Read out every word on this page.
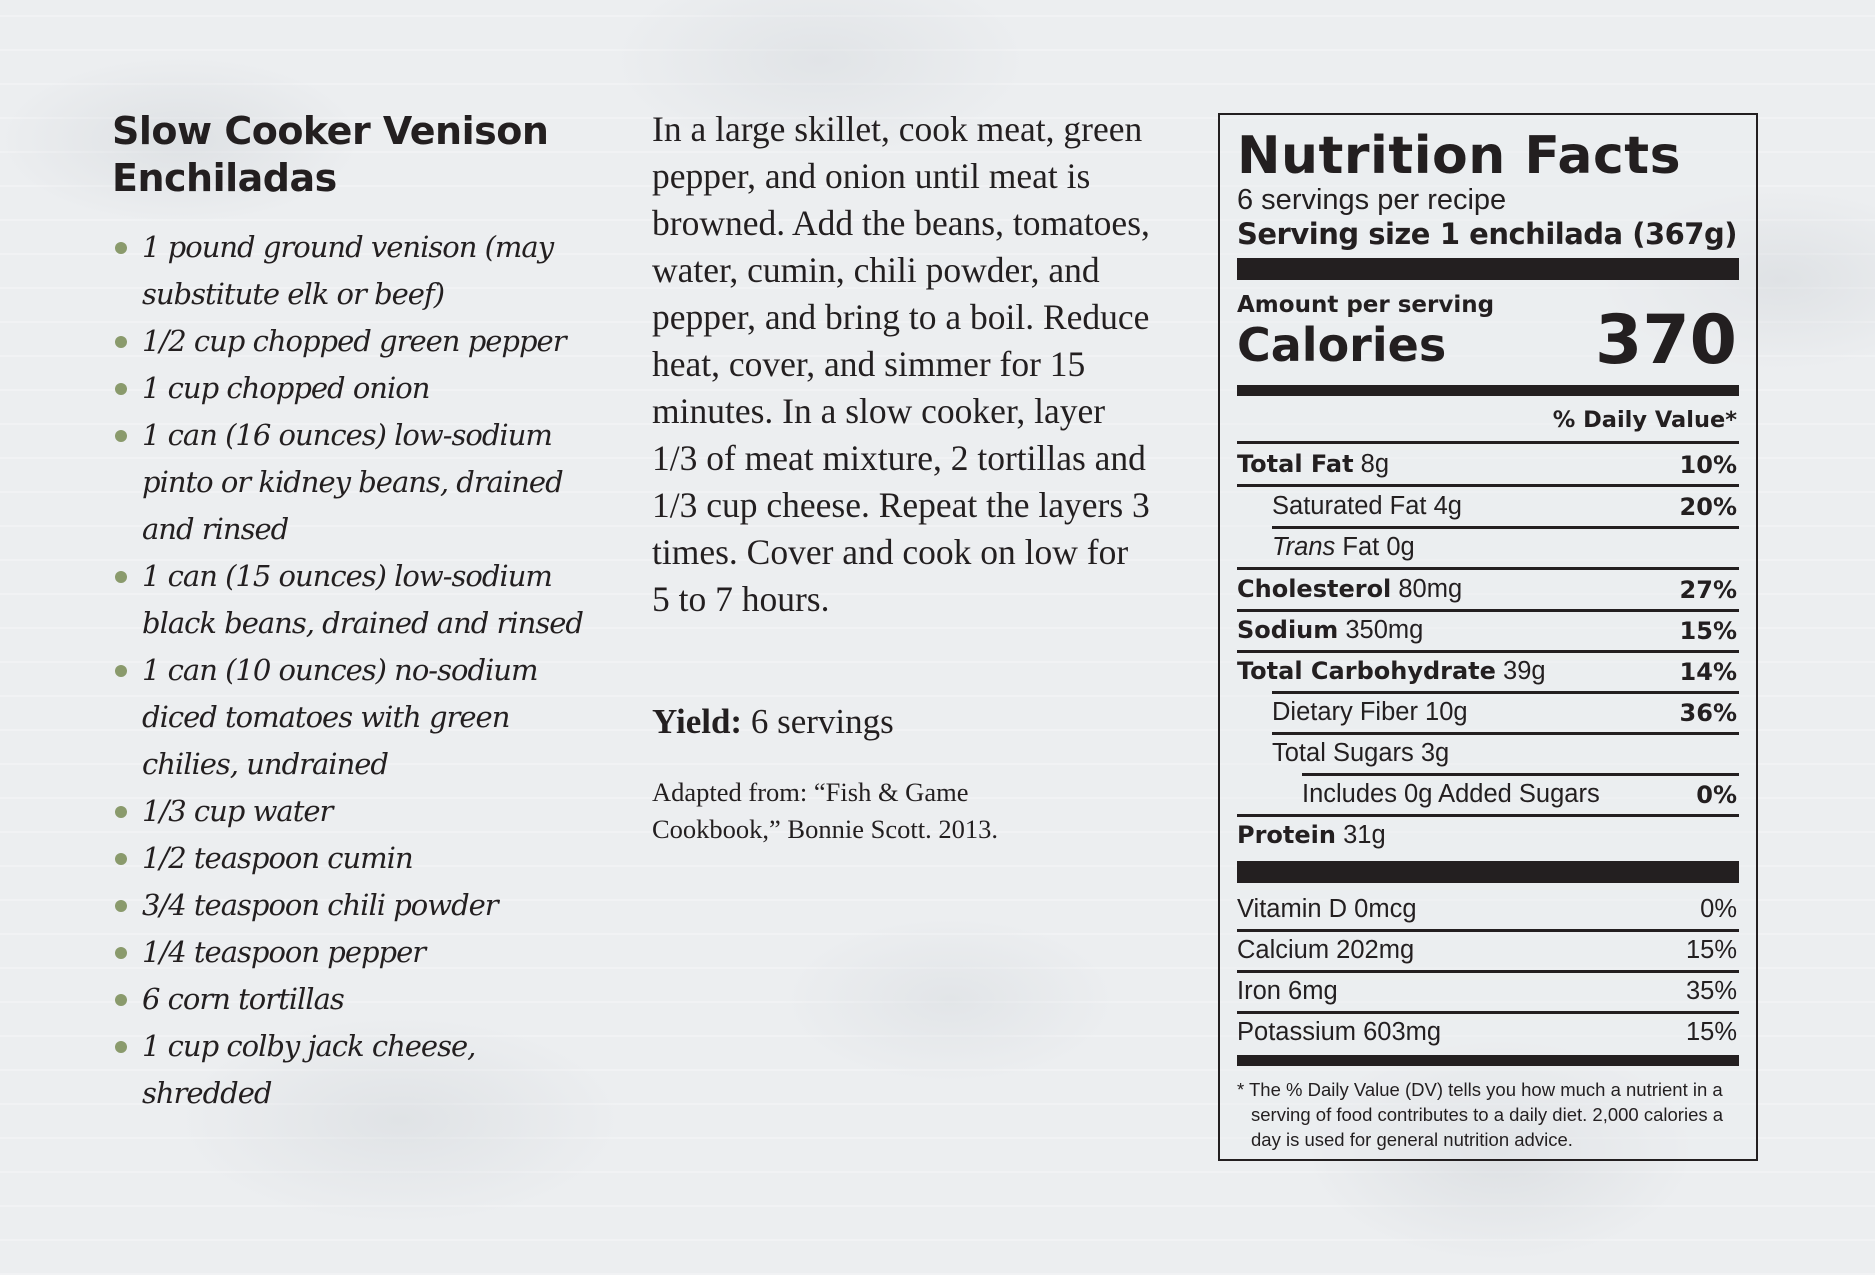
Slow Cooker Venison Enchiladas
1 pound ground venison (may substitute elk or beef)
1/2 cup chopped green pepper
1 cup chopped onion
1 can (16 ounces) low-sodium pinto or kidney beans, drained and rinsed
1 can (15 ounces) low-sodium black beans, drained and rinsed
1 can (10 ounces) no-sodium diced tomatoes with green chilies, undrained
1/3 cup water
1/2 teaspoon cumin
3/4 teaspoon chili powder
1/4 teaspoon pepper
6 corn tortillas
1 cup colby jack cheese, shredded

In a large skillet, cook meat, green pepper, and onion until meat is browned. Add the beans, tomatoes, water, cumin, chili powder, and pepper, and bring to a boil. Reduce heat, cover, and simmer for 15 minutes. In a slow cooker, layer 1/3 of meat mixture, 2 tortillas and 1/3 cup cheese. Repeat the layers 3 times. Cover and cook on low for 5 to 7 hours.

Yield: 6 servings

Adapted from: “Fish & Game Cookbook,” Bonnie Scott. 2013.

Nutrition Facts
6 servings per recipe
Serving size 1 enchilada (367g)
Amount per serving
Calories 370
% Daily Value*
Total Fat 8g	10%
Saturated Fat 4g	20%
Trans Fat 0g
Cholesterol 80mg	27%
Sodium 350mg	15%
Total Carbohydrate 39g	14%
Dietary Fiber 10g	36%
Total Sugars 3g
Includes 0g Added Sugars	0%
Protein 31g
Vitamin D 0mcg	0%
Calcium 202mg	15%
Iron 6mg	35%
Potassium 603mg	15%
* The % Daily Value (DV) tells you how much a nutrient in a serving of food contributes to a daily diet. 2,000 calories a day is used for general nutrition advice.
